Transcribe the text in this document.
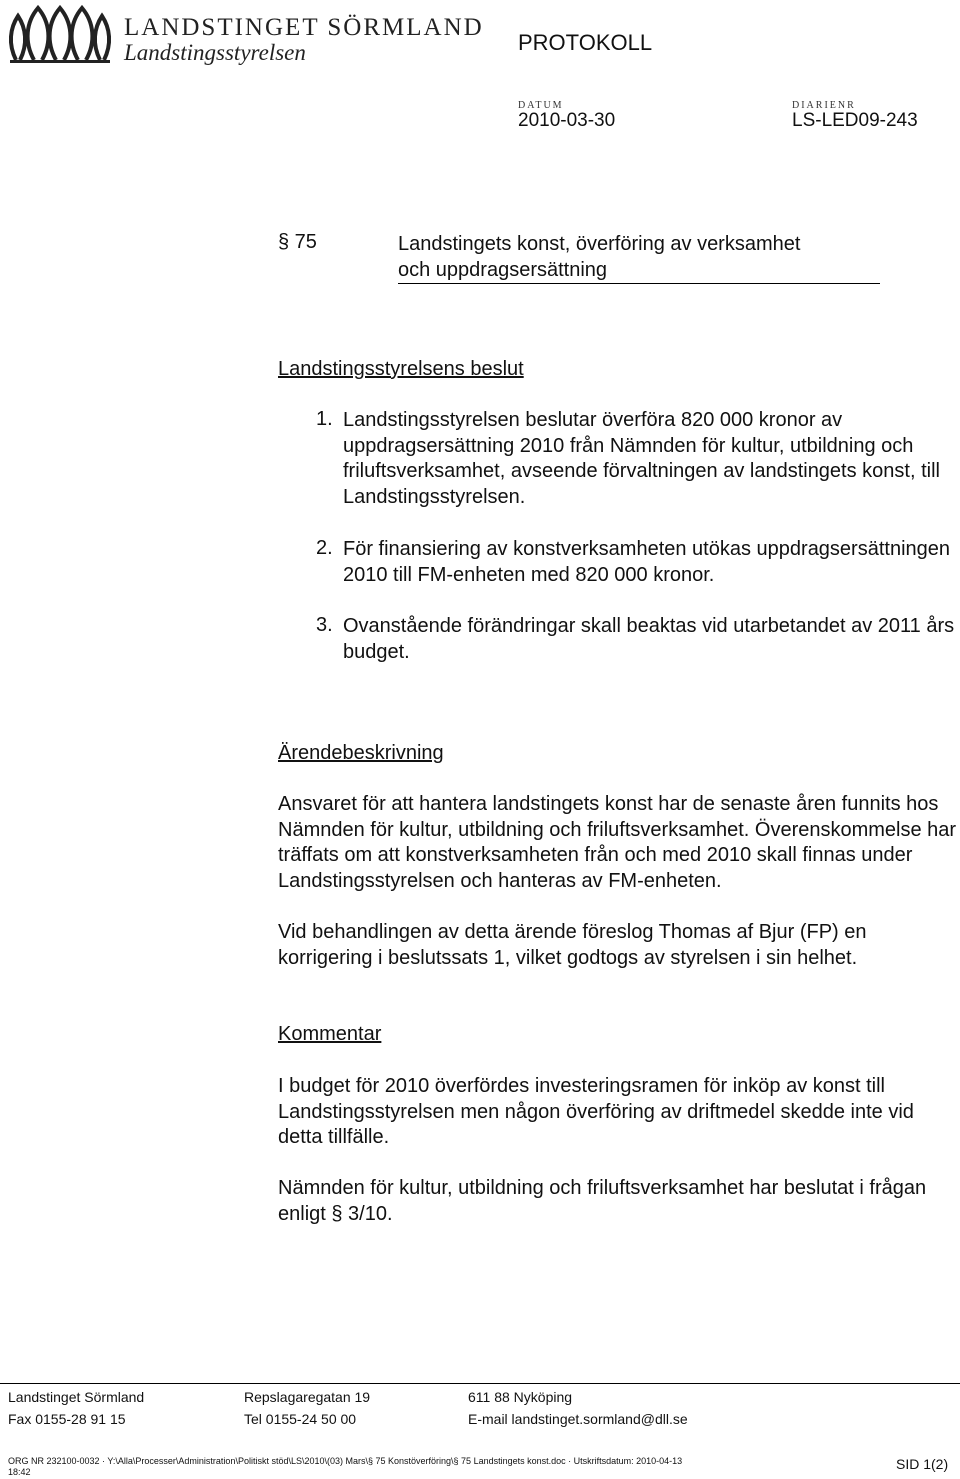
LANDSTINGET SÖRMLAND
Landstingsstyrelsen	PROTOKOLL
DATUM
2010-03-30
DIARIENR
LS-LED09-243
§ 75	Landstingets konst, överföring av verksamhet
och uppdragsersättning
Landstingsstyrelsens beslut
1. Landstingsstyrelsen beslutar överföra 820 000 kronor av uppdragsersättning 2010 från Nämnden för kultur, utbildning och friluftsverksamhet, avseende förvaltningen av landstingets konst, till Landstingsstyrelsen.
2. För finansiering av konstverksamheten utökas uppdragsersättningen 2010 till FM-enheten med 820 000 kronor.
3. Ovanstående förändringar skall beaktas vid utarbetandet av 2011 års budget.
Ärendebeskrivning
Ansvaret för att hantera landstingets konst har de senaste åren funnits hos Nämnden för kultur, utbildning och friluftsverksamhet. Överenskommelse har träffats om att konstverksamheten från och med 2010 skall finnas under Landstingsstyrelsen och hanteras av FM-enheten.
Vid behandlingen av detta ärende föreslog Thomas af Bjur (FP) en korrigering i beslutssats 1, vilket godtogs av styrelsen i sin helhet.
Kommentar
I budget för 2010 överfördes investeringsramen för inköp av konst till Landstingsstyrelsen men någon överföring av driftmedel skedde inte vid detta tillfälle.
Nämnden för kultur, utbildning och friluftsverksamhet har beslutat i frågan enligt § 3/10.
Landstinget Sörmland	Repslagaregatan 19	611 88 Nyköping
Fax 0155-28 91 15	Tel 0155-24 50 00	E-mail landstinget.sormland@dll.se
ORG NR 232100-0032 · Y:\Alla\Processer\Administration\Politiskt stöd\LS\2010\(03) Mars\§ 75 Konstöverföring\§ 75 Landstingets konst.doc · Utskriftsdatum: 2010-04-13
18:42	SID 1(2)
